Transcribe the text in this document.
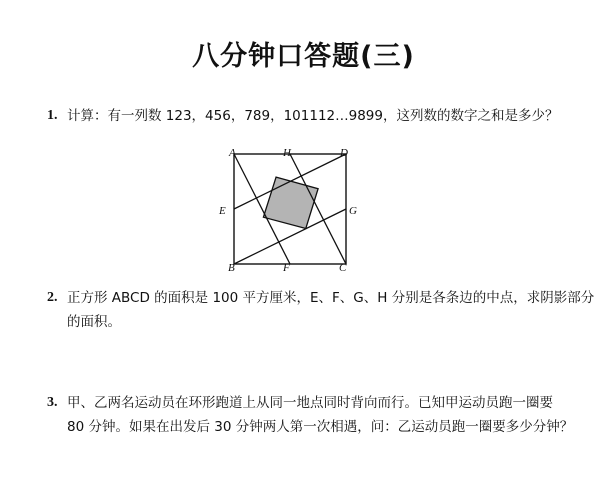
八分钟口答题(三)
1. 计算：有一列数 123，456，789，101112…9899，这列数的数字之和是多少？
A	H	D
E	G
B	F	C
2. 正方形 ABCD 的面积是 100 平方厘米，E、F、G、H 分别是各条边的中点，求阴影部分
的面积。
3. 甲、乙两名运动员在环形跑道上从同一地点同时背向而行。已知甲运动员跑一圈要
80 分钟。如果在出发后 30 分钟两人第一次相遇，问：乙运动员跑一圈要多少分钟？
